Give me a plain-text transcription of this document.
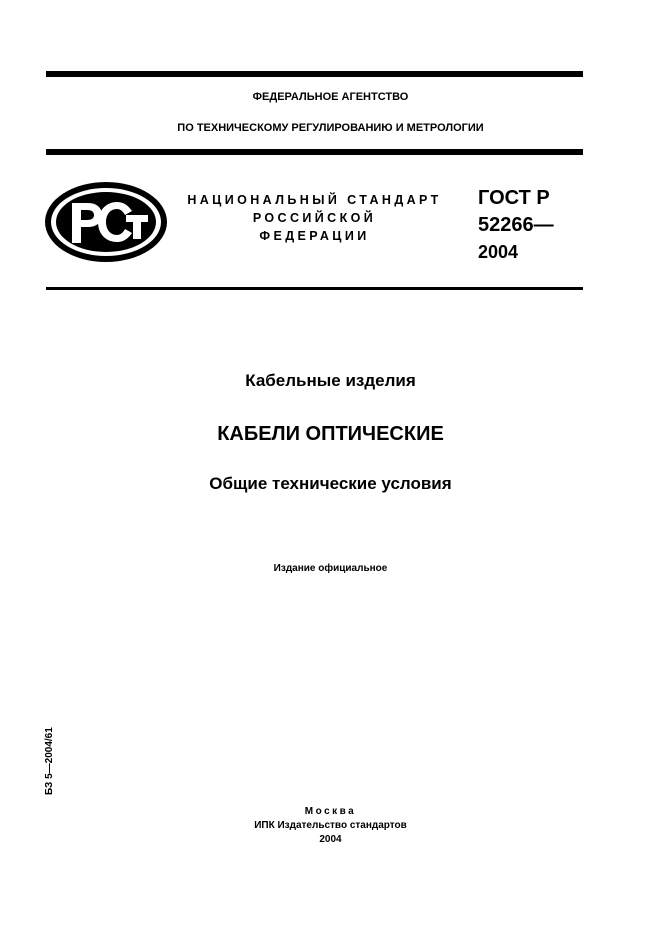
ФЕДЕРАЛЬНОЕ АГЕНТСТВО
ПО ТЕХНИЧЕСКОМУ РЕГУЛИРОВАНИЮ И МЕТРОЛОГИИ
НАЦИОНАЛЬНЫЙ СТАНДАРТ
РОССИЙСКОЙ
ФЕДЕРАЦИИ
ГОСТ Р
52266—
2004
Кабельные изделия
КАБЕЛИ ОПТИЧЕСКИЕ
Общие технические условия
Издание официальное
БЗ 5—2004/61
Москва
ИПК Издательство стандартов
2004
